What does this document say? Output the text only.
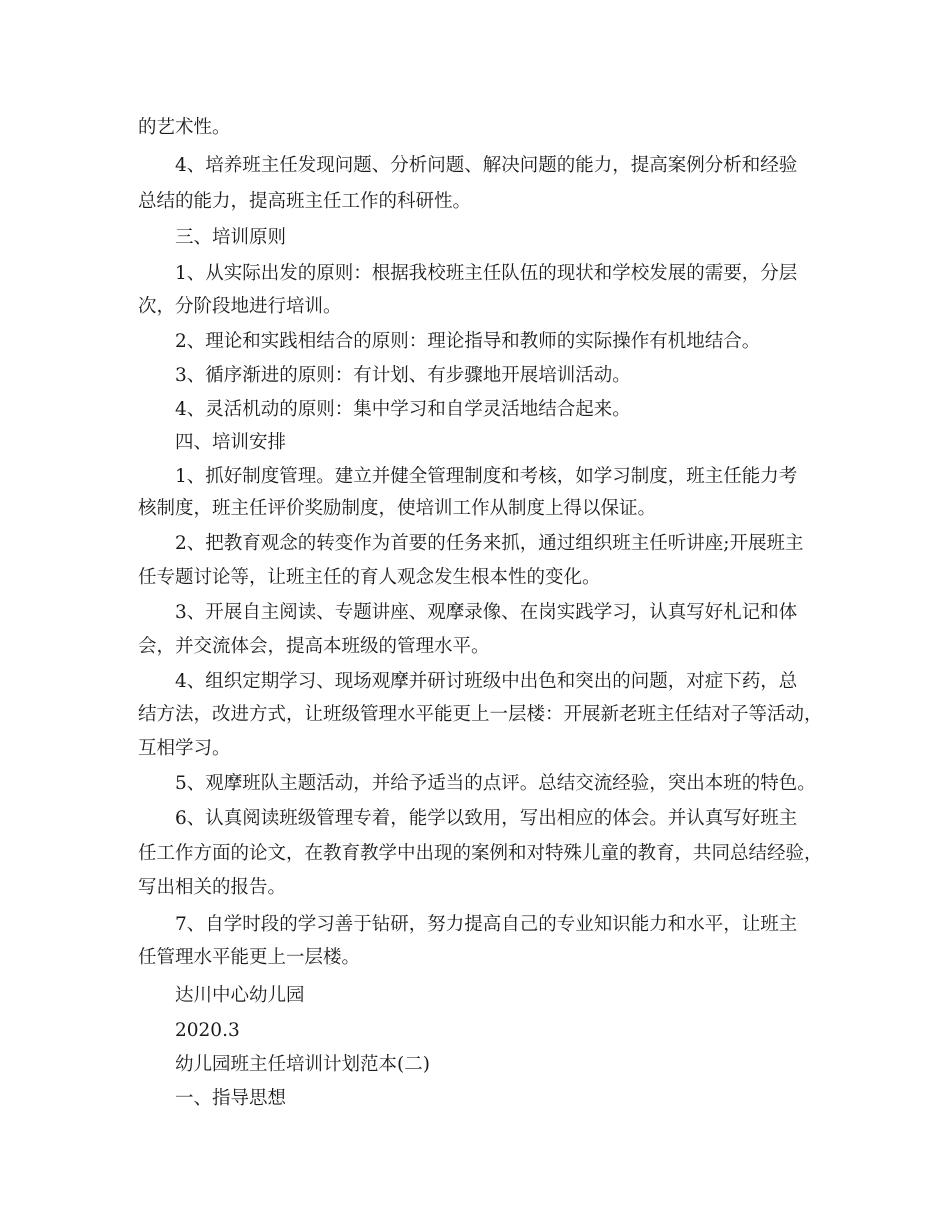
的艺术性。
4、培养班主任发现问题、分析问题、解决问题的能力，提高案例分析和经验
总结的能力，提高班主任工作的科研性。
三、培训原则
1、从实际出发的原则：根据我校班主任队伍的现状和学校发展的需要，分层
次，分阶段地进行培训。
2、理论和实践相结合的原则：理论指导和教师的实际操作有机地结合。
3、循序渐进的原则：有计划、有步骤地开展培训活动。
4、灵活机动的原则：集中学习和自学灵活地结合起来。
四、培训安排
1、抓好制度管理。建立并健全管理制度和考核，如学习制度，班主任能力考
核制度，班主任评价奖励制度，使培训工作从制度上得以保证。
2、把教育观念的转变作为首要的任务来抓，通过组织班主任听讲座;开展班主
任专题讨论等，让班主任的育人观念发生根本性的变化。
3、开展自主阅读、专题讲座、观摩录像、在岗实践学习，认真写好札记和体
会，并交流体会，提高本班级的管理水平。
4、组织定期学习、现场观摩并研讨班级中出色和突出的问题，对症下药，总
结方法，改进方式，让班级管理水平能更上一层楼：开展新老班主任结对子等活动，
互相学习。
5、观摩班队主题活动，并给予适当的点评。总结交流经验，突出本班的特色。
6、认真阅读班级管理专着，能学以致用，写出相应的体会。并认真写好班主
任工作方面的论文，在教育教学中出现的案例和对特殊儿童的教育，共同总结经验，
写出相关的报告。
7、自学时段的学习善于钻研，努力提高自己的专业知识能力和水平，让班主
任管理水平能更上一层楼。
达川中心幼儿园
2020.3
幼儿园班主任培训计划范本(二)
一、指导思想
